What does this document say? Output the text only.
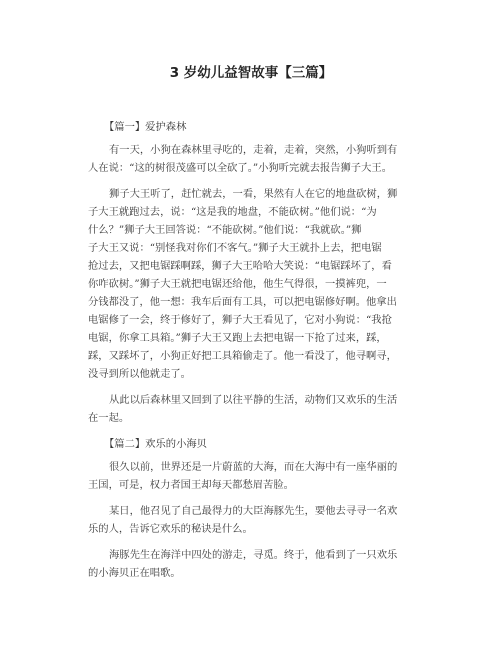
3 岁幼儿益智故事【三篇】
【篇一】爱护森林
有一天，小狗在森林里寻吃的，走着，走着，突然，小狗听到有
人在说：“这的树很茂盛可以全砍了。”小狗听完就去报告狮子大王。
狮子大王听了，赶忙就去，一看，果然有人在它的地盘砍树，狮
子大王就跑过去，说：“这是我的地盘，不能砍树。”他们说：“为
什么？”狮子大王回答说：“不能砍树。”他们说：“我就砍。”狮
子大王又说：“别怪我对你们不客气。”狮子大王就扑上去，把电锯
抢过去，又把电锯踩啊踩，狮子大王哈哈大笑说：“电锯踩坏了，看
你咋砍树。”狮子大王就把电锯还给他，他生气得很，一摸裤兜，一
分钱都没了，他一想：我车后面有工具，可以把电锯修好啊。他拿出
电锯修了一会，终于修好了，狮子大王看见了，它对小狗说：“我抢
电锯，你拿工具箱。”狮子大王又跑上去把电锯一下抢了过来，踩，
踩，又踩坏了，小狗正好把工具箱偷走了。他一看没了，他寻啊寻，
没寻到所以他就走了。
从此以后森林里又回到了以往平静的生活，动物们又欢乐的生活
在一起。
【篇二】欢乐的小海贝
很久以前，世界还是一片蔚蓝的大海，而在大海中有一座华丽的
王国，可是，权力者国王却每天都愁眉苦脸。
某日，他召见了自己最得力的大臣海豚先生，要他去寻寻一名欢
乐的人，告诉它欢乐的秘诀是什么。
海豚先生在海洋中四处的游走，寻觅。终于，他看到了一只欢乐
的小海贝正在唱歌。
